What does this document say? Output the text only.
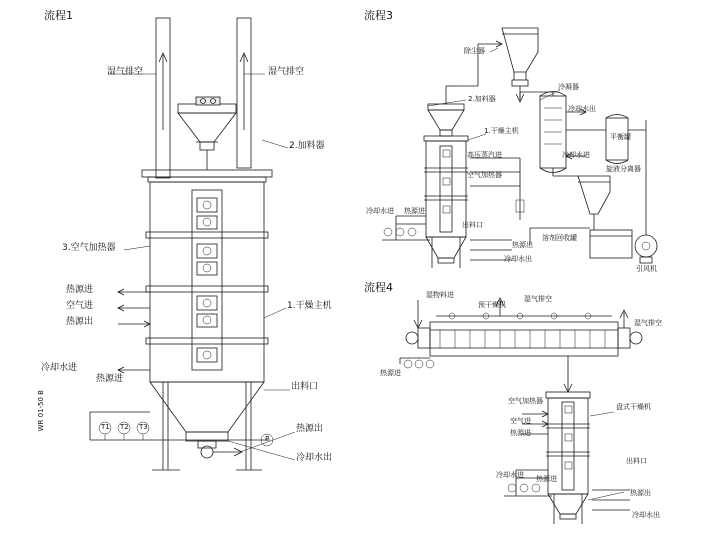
流程1
湿气排空	湿气排空
2.加料器
3.空气加热器
热源进
空气进
热源出
冷却水进
热源进
1.干燥主机
出料口
热源出
冷却水出
WR 01-50 B	T1 T2 T3
P
流程3
除尘器
2.加料器
冷凝器
冷却水出
1.干燥主机
平衡罐
高压蒸汽进	冷却水进
旋液分离器
空气加热器
冷却水进 热源进
出料口
溶剂回收罐
热源出
冷却水出
引风机
流程4
湿物料进
预干燥机
湿气排空
湿气排空
热源进
空气加热器
空气进
热源进
盘式干燥机
冷却水进 热源进
出料口
热源出
冷却水出
